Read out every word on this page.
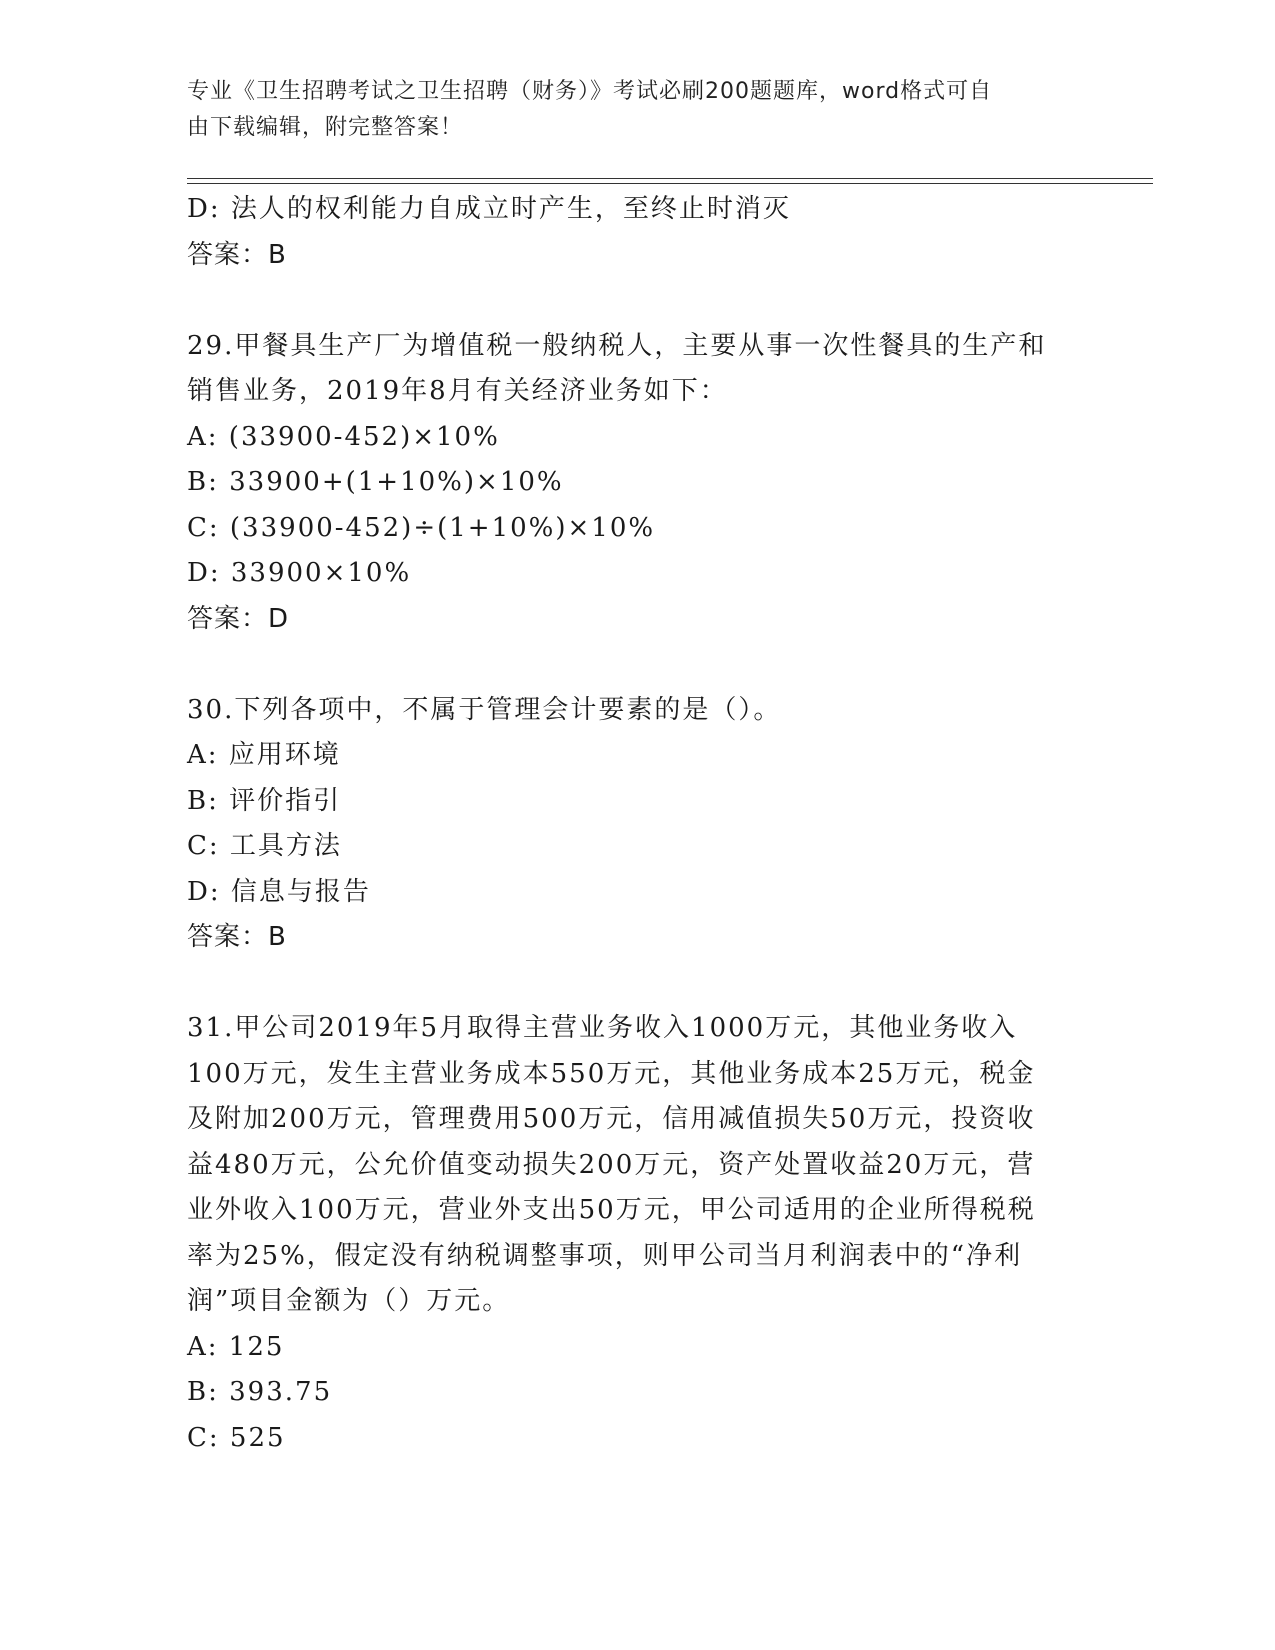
专业《卫生招聘考试之卫生招聘（财务）》考试必刷200题题库，word格式可自
由下载编辑，附完整答案！
D: 法人的权利能力自成立时产生，至终止时消灭
答案：B
29.甲餐具生产厂为增值税一般纳税人，主要从事一次性餐具的生产和
销售业务，2019年8月有关经济业务如下：
A: (33900-452)×10%
B: 33900+(1+10%)×10%
C: (33900-452)÷(1+10%)×10%
D: 33900×10%
答案：D
30.下列各项中，不属于管理会计要素的是（）。
A: 应用环境
B: 评价指引
C: 工具方法
D: 信息与报告
答案：B
31.甲公司2019年5月取得主营业务收入1000万元，其他业务收入
100万元，发生主营业务成本550万元，其他业务成本25万元，税金
及附加200万元，管理费用500万元，信用减值损失50万元，投资收
益480万元，公允价值变动损失200万元，资产处置收益20万元，营
业外收入100万元，营业外支出50万元，甲公司适用的企业所得税税
率为25%，假定没有纳税调整事项，则甲公司当月利润表中的“净利
润”项目金额为（）万元。
A: 125
B: 393.75
C: 525
